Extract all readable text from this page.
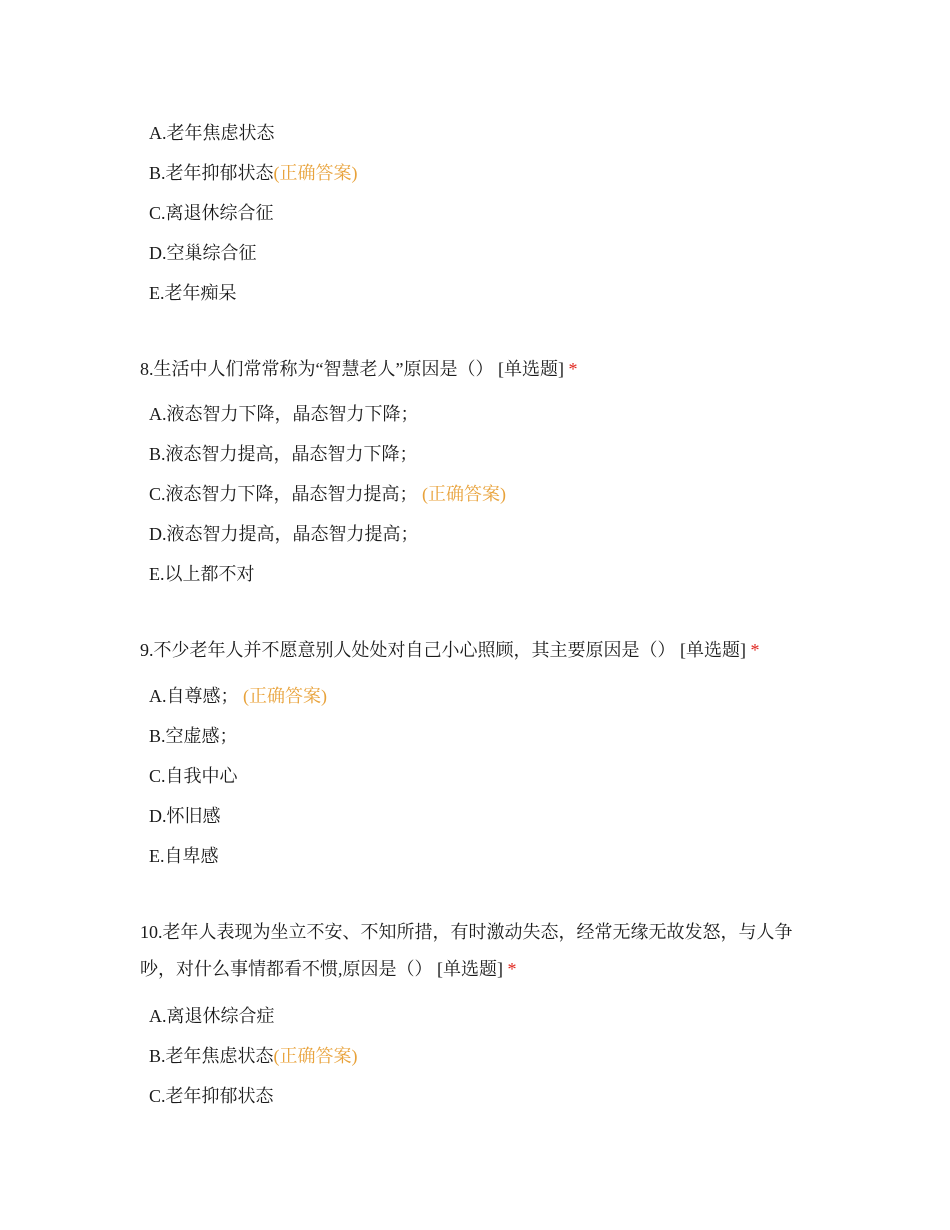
A.老年焦虑状态
B.老年抑郁状态(正确答案)
C.离退休综合征
D.空巢综合征
E.老年痴呆
8.生活中人们常常称为“智慧老人”原因是（） [单选题] *
A.液态智力下降，晶态智力下降；
B.液态智力提高，晶态智力下降；
C.液态智力下降，晶态智力提高； (正确答案)
D.液态智力提高，晶态智力提高；
E.以上都不对
9.不少老年人并不愿意别人处处对自己小心照顾，其主要原因是（） [单选题] *
A.自尊感； (正确答案)
B.空虚感；
C.自我中心
D.怀旧感
E.自卑感
10.老年人表现为坐立不安、不知所措，有时激动失态，经常无缘无故发怒，与人争吵，对什么事情都看不惯,原因是（） [单选题] *
A.离退休综合症
B.老年焦虑状态(正确答案)
C.老年抑郁状态
